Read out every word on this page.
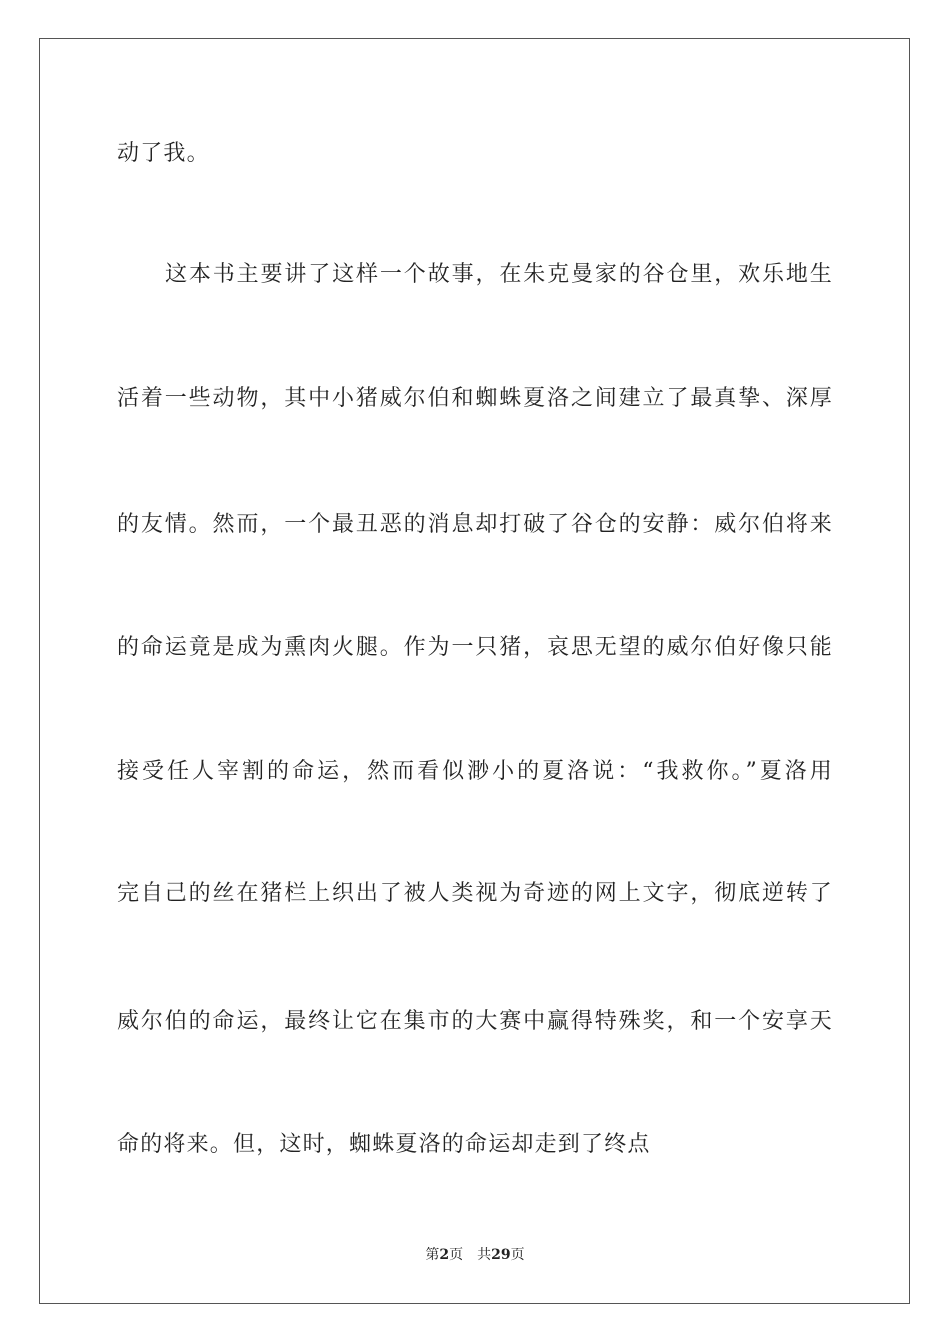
动了我。
这本书主要讲了这样一个故事，在朱克曼家的谷仓里，欢乐地生
活着一些动物，其中小猪威尔伯和蜘蛛夏洛之间建立了最真挚、深厚
的友情。然而，一个最丑恶的消息却打破了谷仓的安静：威尔伯将来
的命运竟是成为熏肉火腿。作为一只猪，哀思无望的威尔伯好像只能
接受任人宰割的命运，然而看似渺小的夏洛说：“我救你。”夏洛用
完自己的丝在猪栏上织出了被人类视为奇迹的网上文字，彻底逆转了
威尔伯的命运，最终让它在集市的大赛中赢得特殊奖，和一个安享天
命的将来。但，这时，蜘蛛夏洛的命运却走到了终点
第2页 共29页
